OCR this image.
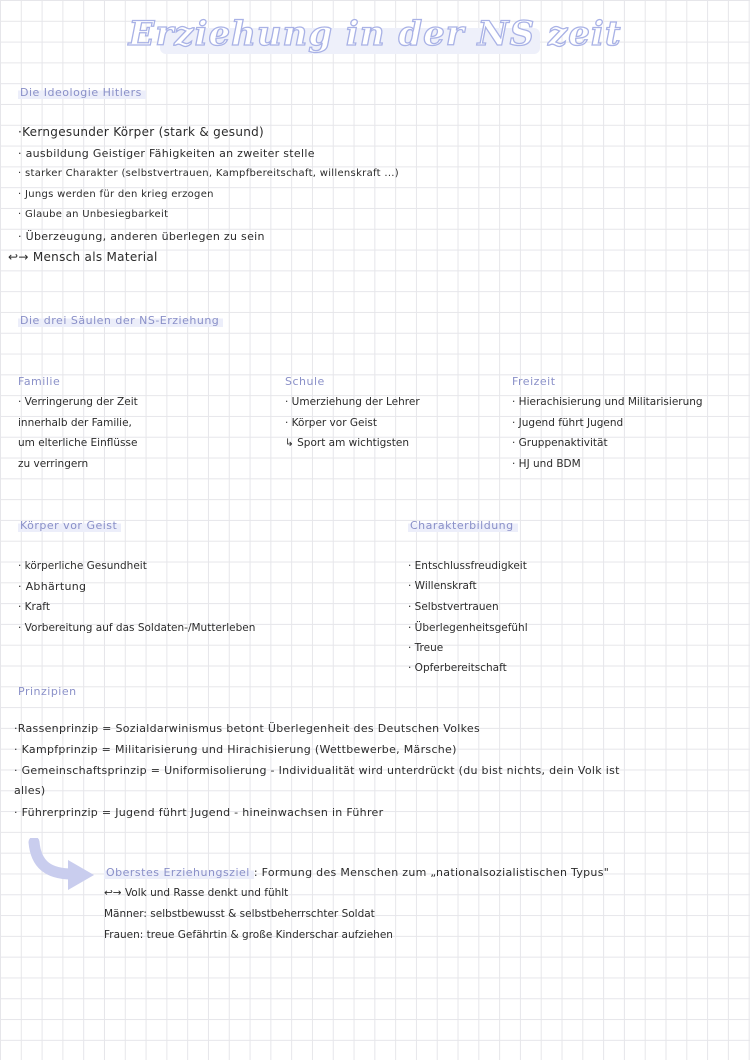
Erziehung in der NS zeit
Die Ideologie Hitlers
·Kerngesunder Körper (stark & gesund)
· ausbildung Geistiger Fähigkeiten an zweiter stelle
· starker Charakter (selbstvertrauen, Kampfbereitschaft, willenskraft ...)
· Jungs werden für den krieg erzogen
· Glaube an Unbesiegbarkeit
· Überzeugung, anderen überlegen zu sein
↩→ Mensch als Material
Die drei Säulen der NS-Erziehung
Familie
· Verringerung der Zeit
innerhalb der Familie,
um elterliche Einflüsse
zu verringern
Schule
· Umerziehung der Lehrer
· Körper vor Geist
↳ Sport am wichtigsten
Freizeit
· Hierachisierung und Militarisierung
· Jugend führt Jugend
· Gruppenaktivität
· HJ und BDM
Körper vor Geist
· körperliche Gesundheit
· Abhärtung
· Kraft
· Vorbereitung auf das Soldaten-/Mutterleben
Charakterbildung
· Entschlussfreudigkeit
· Willenskraft
· Selbstvertrauen
· Überlegenheitsgefühl
· Treue
· Opferbereitschaft
Prinzipien
·Rassenprinzip = Sozialdarwinismus betont Überlegenheit des Deutschen Volkes
· Kampfprinzip = Militarisierung und Hirachisierung (Wettbewerbe, Märsche)
· Gemeinschaftsprinzip = Uniformisolierung - Individualität wird unterdrückt (du bist nichts, dein Volk ist
alles)
· Führerprinzip = Jugend führt Jugend - hineinwachsen in Führer
Oberstes Erziehungsziel : Formung des Menschen zum „nationalsozialistischen Typus"
↩→ Volk und Rasse denkt und fühlt
Männer: selbstbewusst & selbstbeherrschter Soldat
Frauen: treue Gefährtin & große Kinderschar aufziehen
